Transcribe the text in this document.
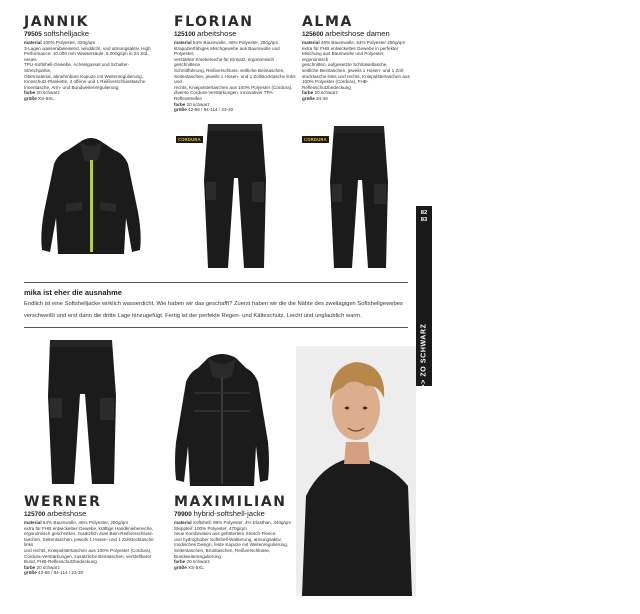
JANNIK
79505 softshelljacke
material 100% Polyester, 320g/qm
3-Lagen wasserabweisend, winddicht, und atmungsaktiv. High
Performance: 10.000 mm Wassersäule, 5.000g/qm in 24 Std., neues
TPU-Softshell-Gewebe, Achselgusset und Schulter-Stretchpartie,
Obermaterial, abnehmbare Kapuze mit Weitenregulierung,
Kinnschutz-Plankette, 4 offene und 1 Reißverschlusstasche
Innentasche, Arm- und Bundweitenregulierung
farbe 20 schwarz
größe XS-5XL
FLORIAN
125100 arbeitshose
material 54% Baumwolle, 46% Polyester, 250g/qm
strapazierfähiges Mischgewebe aus Baumwolle und Polyester,
verstärkte Kniebereiche für Einsatz, ergonomisch geschnittene
Schnittführung, Reißverschluss, seitliche Beintaschen,
Seitentaschen, jeweils 1 Hosen- und 1 Zollstocktasche links und
rechts, Kniepolstertaschen aus 100% Polyester (Cordura),
diverse Cordura-Verstärkungen, innovativer TPA-Reflexstreifen
farbe 20 schwarz
größe 42-66 / 94-114 / 23-30
ALMA
125600 arbeitshose damen
material 46% Baumwolle, 54% Polyester 250g/qm
extra für FHB entwickeltes Gewebe in perfekter
Mischung aus Baumwolle und Polyester, ergonomisch
geschnitten, aufgesetzte Schlüsseltasche,
seitliche Beintaschen, jeweils 1 Hosen- und 1 Zoll-
stocktasche links und rechts, Kniepolstertaschen aus
100% Polyester (Cordura), FHB-Reflexschutzbedeckung
farbe 20 schwarz
größe 34-46
CORDURA	CORDURA
mika ist eher die ausnahme
Endlich ist eine Softshelljacke wirklich wasserdicht. Wie haben wir das geschafft? Zuerst haben wir die die Nähte des zweilagigen Softshellgewebes verschweißt und erst dann die dritte Lage hinzugefügt. Fertig ist der perfekte Regen- und Kälteschutz. Leicht und unglaublich warm.
WERNER
125700 arbeitshose
material 54% Baumwolle, 46% Polyester, 250g/qm
extra für FHB entwickeltes Gewebe, kräftige Handkniebereiche,
ergonomisch geschnitten, zusätzlich zwei Bein-Reißverschluss-
taschen, Seitentaschen, jeweils 1 Hosen- und 1 Zollstocktasche links
und rechts, Kniepolstertaschen aus 100% Polyester (Cordura),
Cordura-Verstärkungen, zusätzliche Beintaschen, verstellbarer
Bund, FHB-Reflexschutzbedeckung
farbe 20 schwarz
größe 42-66 / 84-114 / 23-30
MAXIMILIAN
79900 hybrid-softshell-jacke
material Softshell: 96% Polyester, 4% Elasthan, 340g/qm
Steppteil: 100% Polyester, 470g/qm
neue Kombination aus gefüttertem Stretch-Fleece
und hydrophober Softshell-Wattierung, atmungsaktiv,
modisches Design, feste Kapuze mit Weitenregulierung,
Seitentaschen, Brusttaschen, Reißverschlüsse,
Bundweitenregulierung
farbe 20 schwarz
größe XS-5XL
82
83
>> ZO SCHWARZ
